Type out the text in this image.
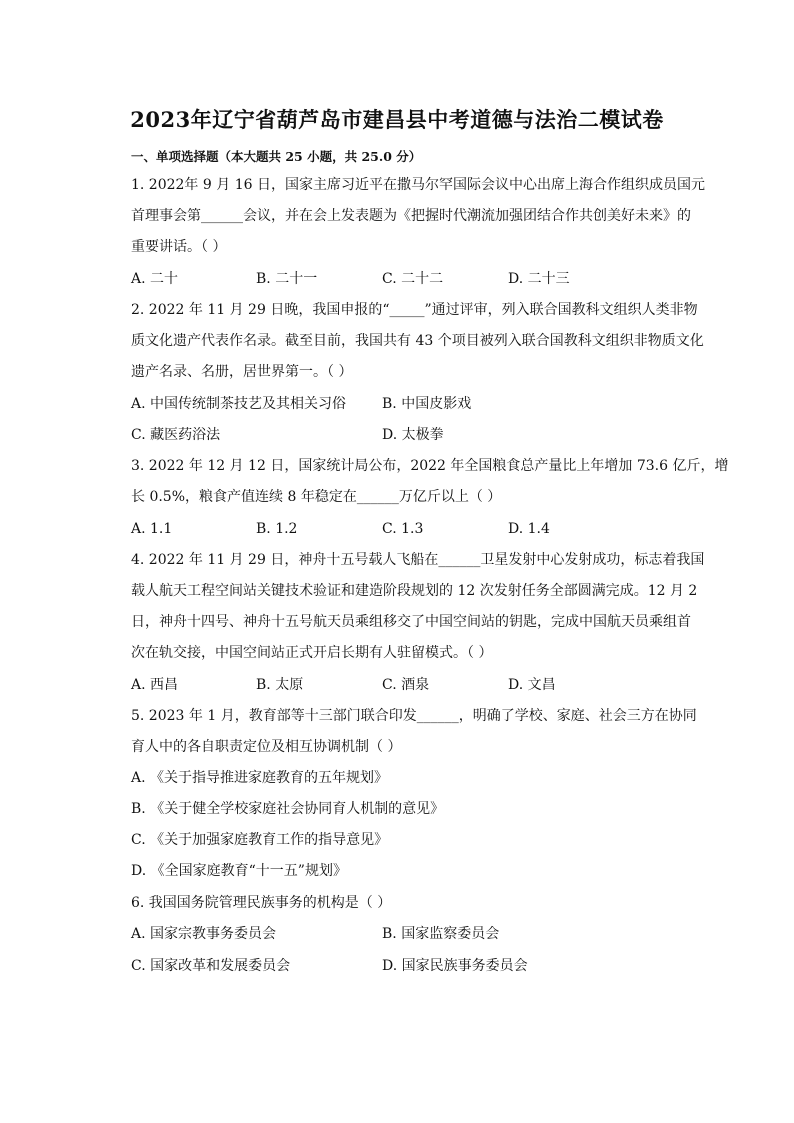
2023年辽宁省葫芦岛市建昌县中考道德与法治二模试卷
一、单项选择题（本大题共 25 小题，共 25.0 分）
1. 2022年 9 月 16 日，国家主席习近平在撒马尔罕国际会议中心出席上海合作组织成员国元
首理事会第______会议，并在会上发表题为《把握时代潮流加强团结合作共创美好未来》的
重要讲话。（ ）
A. 二十	B. 二十一	C. 二十二	D. 二十三
2. 2022 年 11 月 29 日晚，我国申报的“_____”通过评审，列入联合国教科文组织人类非物
质文化遗产代表作名录。截至目前，我国共有 43 个项目被列入联合国教科文组织非物质文化
遗产名录、名册，居世界第一。（ ）
A. 中国传统制茶技艺及其相关习俗	B. 中国皮影戏
C. 藏医药浴法	D. 太极拳
3. 2022 年 12 月 12 日，国家统计局公布，2022 年全国粮食总产量比上年增加 73.6 亿斤，增
长 0.5%，粮食产值连续 8 年稳定在______万亿斤以上（ ）
A. 1.1	B. 1.2	C. 1.3	D. 1.4
4. 2022 年 11 月 29 日，神舟十五号载人飞船在______卫星发射中心发射成功，标志着我国
载人航天工程空间站关键技术验证和建造阶段规划的 12 次发射任务全部圆满完成。12 月 2
日，神舟十四号、神舟十五号航天员乘组移交了中国空间站的钥匙，完成中国航天员乘组首
次在轨交接，中国空间站正式开启长期有人驻留模式。（ ）
A. 西昌	B. 太原	C. 酒泉	D. 文昌
5. 2023 年 1 月，教育部等十三部门联合印发______，明确了学校、家庭、社会三方在协同
育人中的各自职责定位及相互协调机制（ ）
A. 《关于指导推进家庭教育的五年规划》
B. 《关于健全学校家庭社会协同育人机制的意见》
C. 《关于加强家庭教育工作的指导意见》
D. 《全国家庭教育“十一五”规划》
6. 我国国务院管理民族事务的机构是（ ）
A. 国家宗教事务委员会	B. 国家监察委员会
C. 国家改革和发展委员会	D. 国家民族事务委员会
